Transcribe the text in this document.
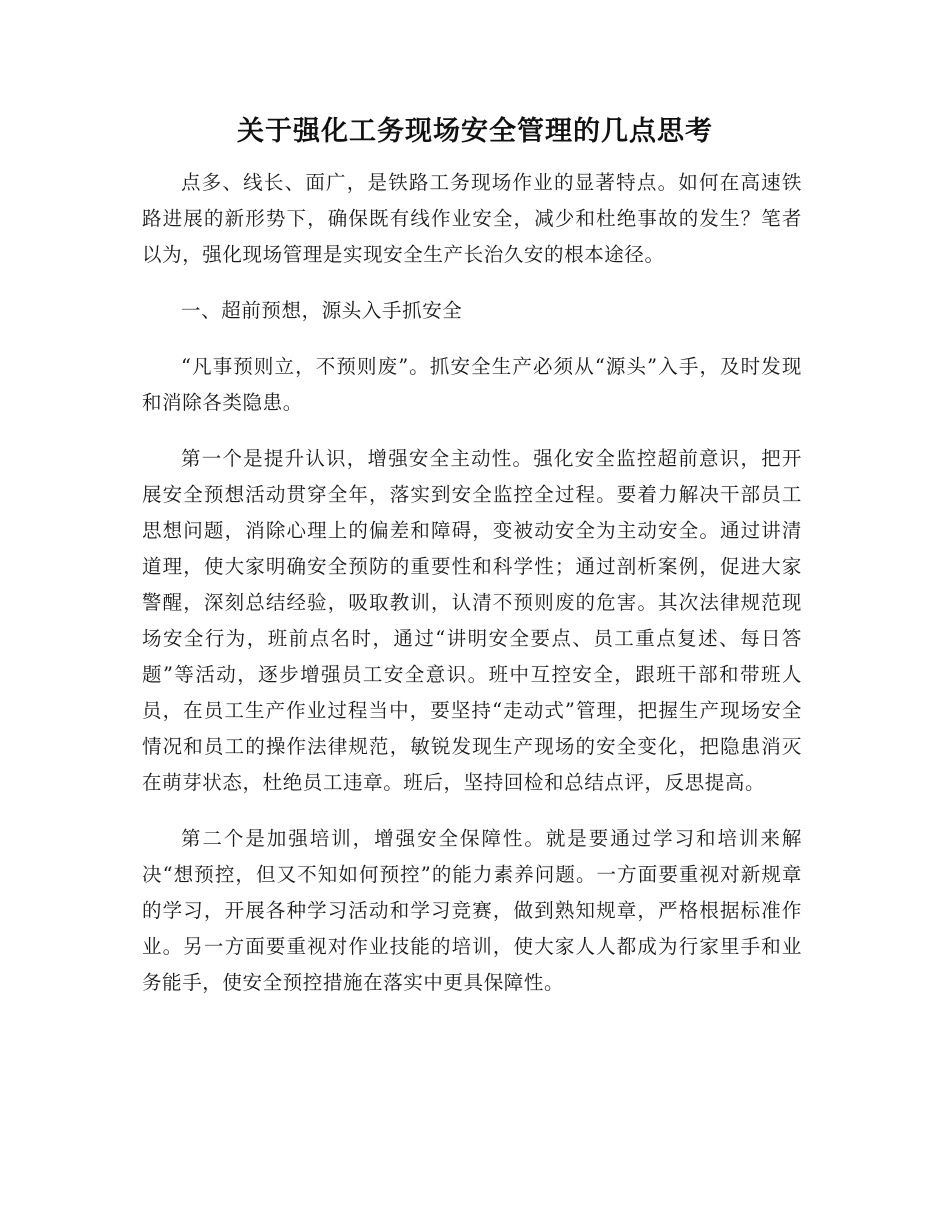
关于强化工务现场安全管理的几点思考

点多、线长、面广，是铁路工务现场作业的显著特点。如何在高速铁路进展的新形势下，确保既有线作业安全，减少和杜绝事故的发生？笔者以为，强化现场管理是实现安全生产长治久安的根本途径。

一、超前预想，源头入手抓安全

“凡事预则立，不预则废”。抓安全生产必须从“源头”入手，及时发现和消除各类隐患。

第一个是提升认识，增强安全主动性。强化安全监控超前意识，把开展安全预想活动贯穿全年，落实到安全监控全过程。要着力解决干部员工思想问题，消除心理上的偏差和障碍，变被动安全为主动安全。通过讲清道理，使大家明确安全预防的重要性和科学性；通过剖析案例，促进大家警醒，深刻总结经验，吸取教训，认清不预则废的危害。其次法律规范现场安全行为，班前点名时，通过“讲明安全要点、员工重点复述、每日答题”等活动，逐步增强员工安全意识。班中互控安全，跟班干部和带班人员，在员工生产作业过程当中，要坚持“走动式”管理，把握生产现场安全情况和员工的操作法律规范，敏锐发现生产现场的安全变化，把隐患消灭在萌芽状态，杜绝员工违章。班后，坚持回检和总结点评，反思提高。

第二个是加强培训，增强安全保障性。就是要通过学习和培训来解决“想预控，但又不知如何预控”的能力素养问题。一方面要重视对新规章的学习，开展各种学习活动和学习竞赛，做到熟知规章，严格根据标准作业。另一方面要重视对作业技能的培训，使大家人人都成为行家里手和业务能手，使安全预控措施在落实中更具保障性。
